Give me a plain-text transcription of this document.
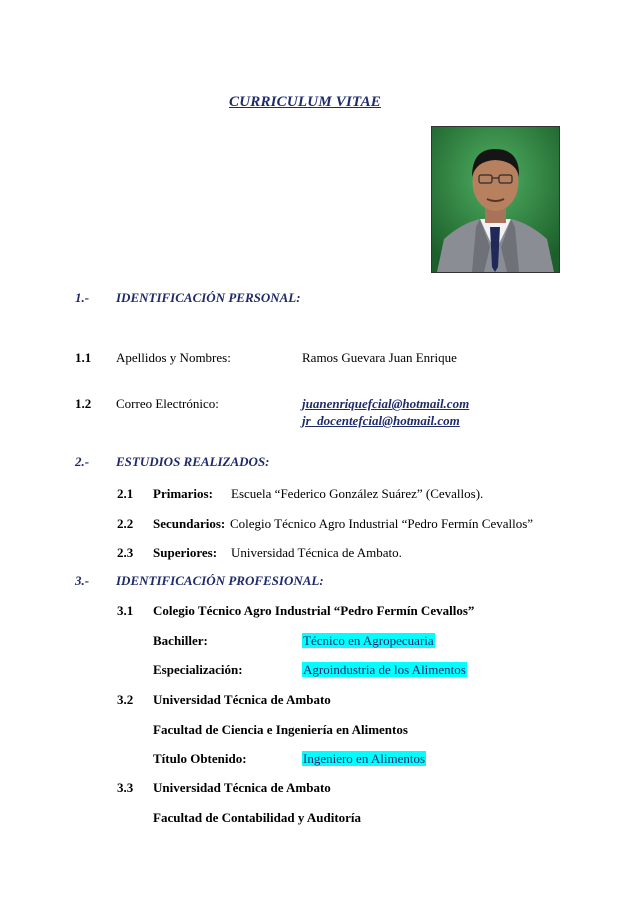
CURRICULUM VITAE
1.- IDENTIFICACIÓN PERSONAL:
1.1 Apellidos y Nombres:	Ramos Guevara Juan Enrique
1.2 Correo Electrónico:	juanenriquefcial@hotmail.com
jr_docentefcial@hotmail.com
2.- ESTUDIOS REALIZADOS:
2.1 Primarios: Escuela “Federico González Suárez” (Cevallos).
2.2 Secundarios: Colegio Técnico Agro Industrial “Pedro Fermín Cevallos”
2.3 Superiores: Universidad Técnica de Ambato.
3.- IDENTIFICACIÓN PROFESIONAL:
3.1 Colegio Técnico Agro Industrial “Pedro Fermín Cevallos”
Bachiller:	Técnico en Agropecuaria
Especialización:	Agroindustria de los Alimentos
3.2 Universidad Técnica de Ambato
Facultad de Ciencia e Ingeniería en Alimentos
Título Obtenido:	Ingeniero en Alimentos
3.3 Universidad Técnica de Ambato
Facultad de Contabilidad y Auditoría
